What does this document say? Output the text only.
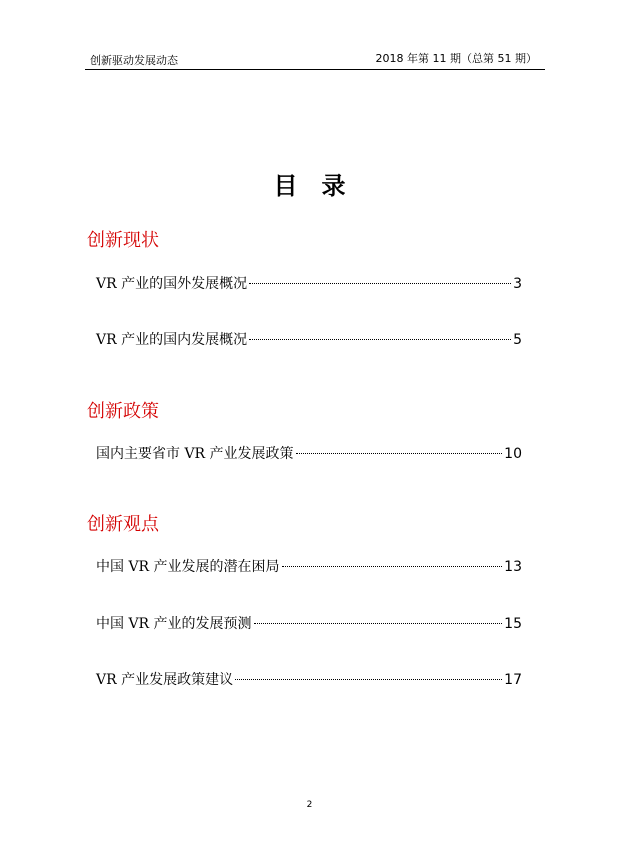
创新驱动发展动态	2018 年第 11 期（总第 51 期）
目录
创新现状
VR 产业的国外发展概况	3
VR 产业的国内发展概况	5
创新政策
国内主要省市 VR 产业发展政策	10
创新观点
中国 VR 产业发展的潜在困局	13
中国 VR 产业的发展预测	15
VR 产业发展政策建议	17
2
